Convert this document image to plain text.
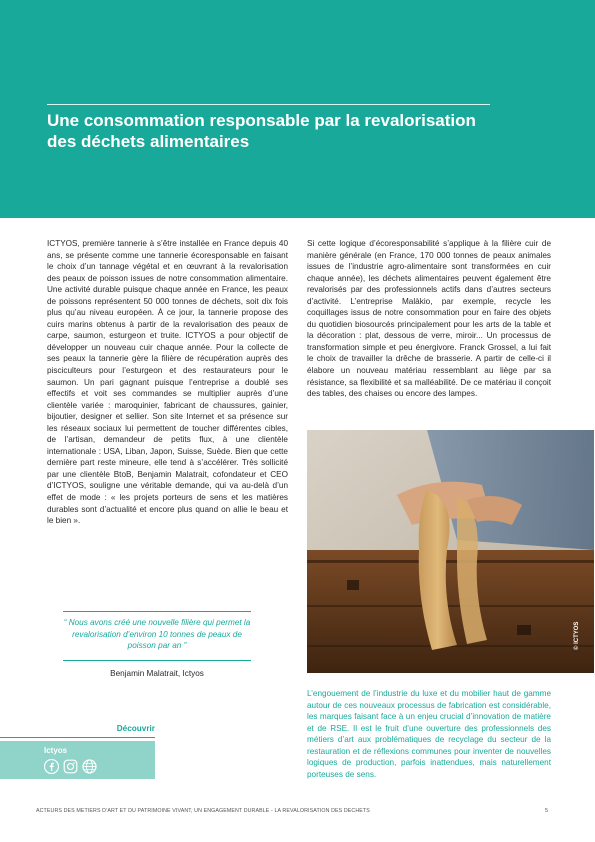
Une consommation responsable par la revalorisation des déchets alimentaires

ICTYOS, première tannerie à s’être installée en France depuis 40 ans, se présente comme une tannerie écoresponsable en faisant le choix d’un tannage végétal et en œuvrant à la revalorisation des peaux de poisson issues de notre consommation alimentaire. Une activité durable puisque chaque année en France, les peaux de poissons représentent 50 000 tonnes de déchets, soit dix fois plus qu’au niveau européen. À ce jour, la tannerie propose des cuirs marins obtenus à partir de la revalorisation des peaux de carpe, saumon, esturgeon et truite. ICTYOS a pour objectif de développer un nouveau cuir chaque année. Pour la collecte de ses peaux la tannerie gère la filière de récupération auprès des pisciculteurs pour l’esturgeon et des restaurateurs pour le saumon. Un pari gagnant puisque l’entreprise a doublé ses effectifs et voit ses commandes se multiplier auprès d’une clientèle variée : maroquinier, fabricant de chaussures, gainier, bijoutier, designer et sellier. Son site Internet et sa présence sur les réseaux sociaux lui permettent de toucher différentes cibles, de l’artisan, demandeur de petits flux, à une clientèle internationale : USA, Liban, Japon, Suisse, Suède. Bien que cette dernière part reste mineure, elle tend à s’accélérer. Très sollicité par une clientèle BtoB, Benjamin Malatrait, cofondateur et CEO d’ICTYOS, souligne une véritable demande, qui va au-delà d’un effet de mode : « les projets porteurs de sens et les matières durables sont d’actualité et encore plus quand on allie le beau et le bien ».

“ Nous avons créé une nouvelle filière qui permet la revalorisation d’environ 10 tonnes de peaux de poisson par an ”

Benjamin Malatrait, Ictyos

Si cette logique d’écoresponsabilité s’applique à la filière cuir de manière générale (en France, 170 000 tonnes de peaux animales issues de l’industrie agro-alimentaire sont transformées en cuir chaque année), les déchets alimentaires peuvent également être revalorisés par des professionnels actifs dans d’autres secteurs d’activité. L’entreprise Malàkio, par exemple, recycle les coquillages issus de notre consommation pour en faire des objets du quotidien biosourcés principalement pour les arts de la table et la décoration : plat, dessous de verre, miroir... Un processus de transformation simple et peu énergivore. Franck Grossel, a lui fait le choix de travailler la drêche de brasserie. A partir de celle-ci il élabore un nouveau matériau ressemblant au liège par sa résistance, sa flexibilité et sa malléabilité. De ce matériau il conçoit des tables, des chaises ou encore des lampes.

© ICTYOS

L’engouement de l’industrie du luxe et du mobilier haut de gamme autour de ces nouveaux processus de fabrication est considérable, les marques faisant face à un enjeu crucial d’innovation de matière et de RSE. Il est le fruit d’une ouverture des professionnels des métiers d’art aux problématiques de recyclage du secteur de la restauration et de réflexions communes pour inventer de nouvelles logiques de production, parfois inattendues, mais naturellement porteuses de sens.

Découvrir
Ictyos
ACTEURS DES METIERS D’ART ET DU PATRIMOINE VIVANT, UN ENGAGEMENT DURABLE - LA REVALORISATION DES DECHETS	5
